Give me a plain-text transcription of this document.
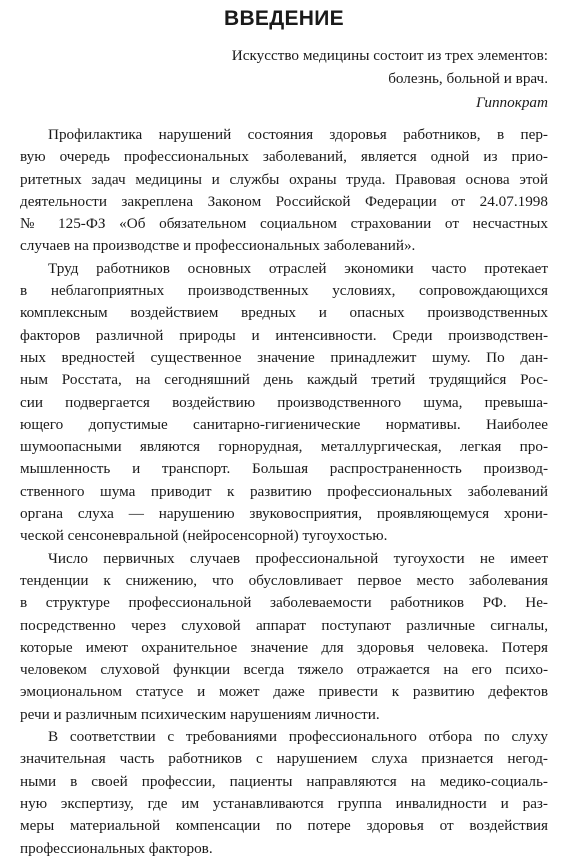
ВВЕДЕНИЕ
Искусство медицины состоит из трех элементов:
болезнь, больной и врач.
Гиппократ
Профилактика нарушений состояния здоровья работников, в пер-
вую очередь профессиональных заболеваний, является одной из прио-
ритетных задач медицины и службы охраны труда. Правовая основа этой
деятельности закреплена Законом Российской Федерации от 24.07.1998
№ 125-ФЗ «Об обязательном социальном страховании от несчастных
случаев на производстве и профессиональных заболеваний».
Труд работников основных отраслей экономики часто протекает
в неблагоприятных производственных условиях, сопровождающихся
комплексным воздействием вредных и опасных производственных
факторов различной природы и интенсивности. Среди производствен-
ных вредностей существенное значение принадлежит шуму. По дан-
ным Росстата, на сегодняшний день каждый третий трудящийся Рос-
сии подвергается воздействию производственного шума, превыша-
ющего допустимые санитарно-гигиенические нормативы. Наиболее
шумоопасными являются горнорудная, металлургическая, легкая про-
мышленность и транспорт. Большая распространенность производ-
ственного шума приводит к развитию профессиональных заболеваний
органа слуха — нарушению звуковосприятия, проявляющемуся хрони-
ческой сенсоневральной (нейросенсорной) тугоухостью.
Число первичных случаев профессиональной тугоухости не имеет
тенденции к снижению, что обусловливает первое место заболевания
в структуре профессиональной заболеваемости работников РФ. Не-
посредственно через слуховой аппарат поступают различные сигналы,
которые имеют охранительное значение для здоровья человека. Потеря
человеком слуховой функции всегда тяжело отражается на его психо-
эмоциональном статусе и может даже привести к развитию дефектов
речи и различным психическим нарушениям личности.
В соответствии с требованиями профессионального отбора по слуху
значительная часть работников с нарушением слуха признается негод-
ными в своей профессии, пациенты направляются на медико-социаль-
ную экспертизу, где им устанавливаются группа инвалидности и раз-
меры материальной компенсации по потере здоровья от воздействия
профессиональных факторов.
